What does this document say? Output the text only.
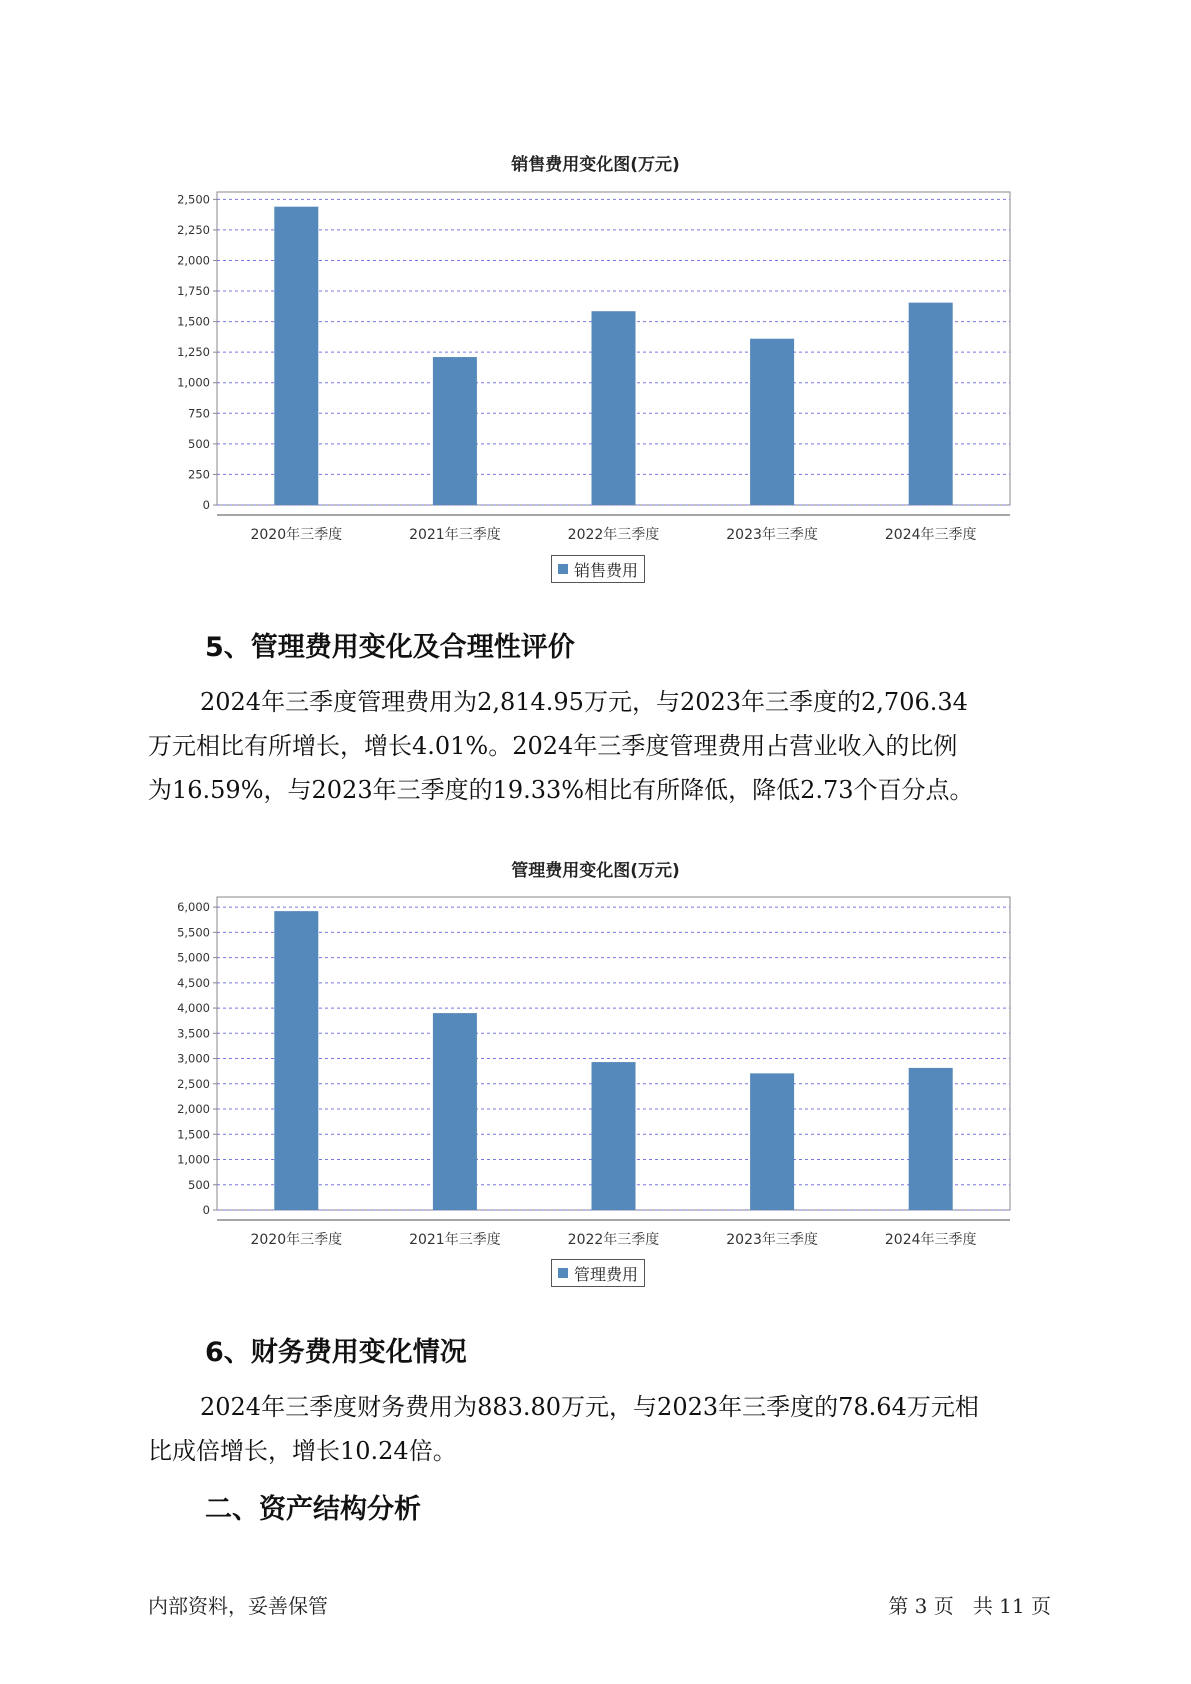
销售费用变化图(万元)
0
250
500
750
1,000
1,250
1,500
1,750
2,000
2,250
2,500
2020年三季度	2021年三季度	2022年三季度	2023年三季度	2024年三季度
销售费用
5、管理费用变化及合理性评价
2024年三季度管理费用为2,814.95万元，与2023年三季度的2,706.34
万元相比有所增长，增长4.01%。2024年三季度管理费用占营业收入的比例
为16.59%，与2023年三季度的19.33%相比有所降低，降低2.73个百分点。
管理费用变化图(万元)
0
500
1,000
1,500
2,000
2,500
3,000
3,500
4,000
4,500
5,000
5,500
6,000
2020年三季度	2021年三季度	2022年三季度	2023年三季度	2024年三季度
管理费用
6、财务费用变化情况
2024年三季度财务费用为883.80万元，与2023年三季度的78.64万元相
比成倍增长，增长10.24倍。
二、资产结构分析
内部资料，妥善保管	第 3 页   共 11 页
